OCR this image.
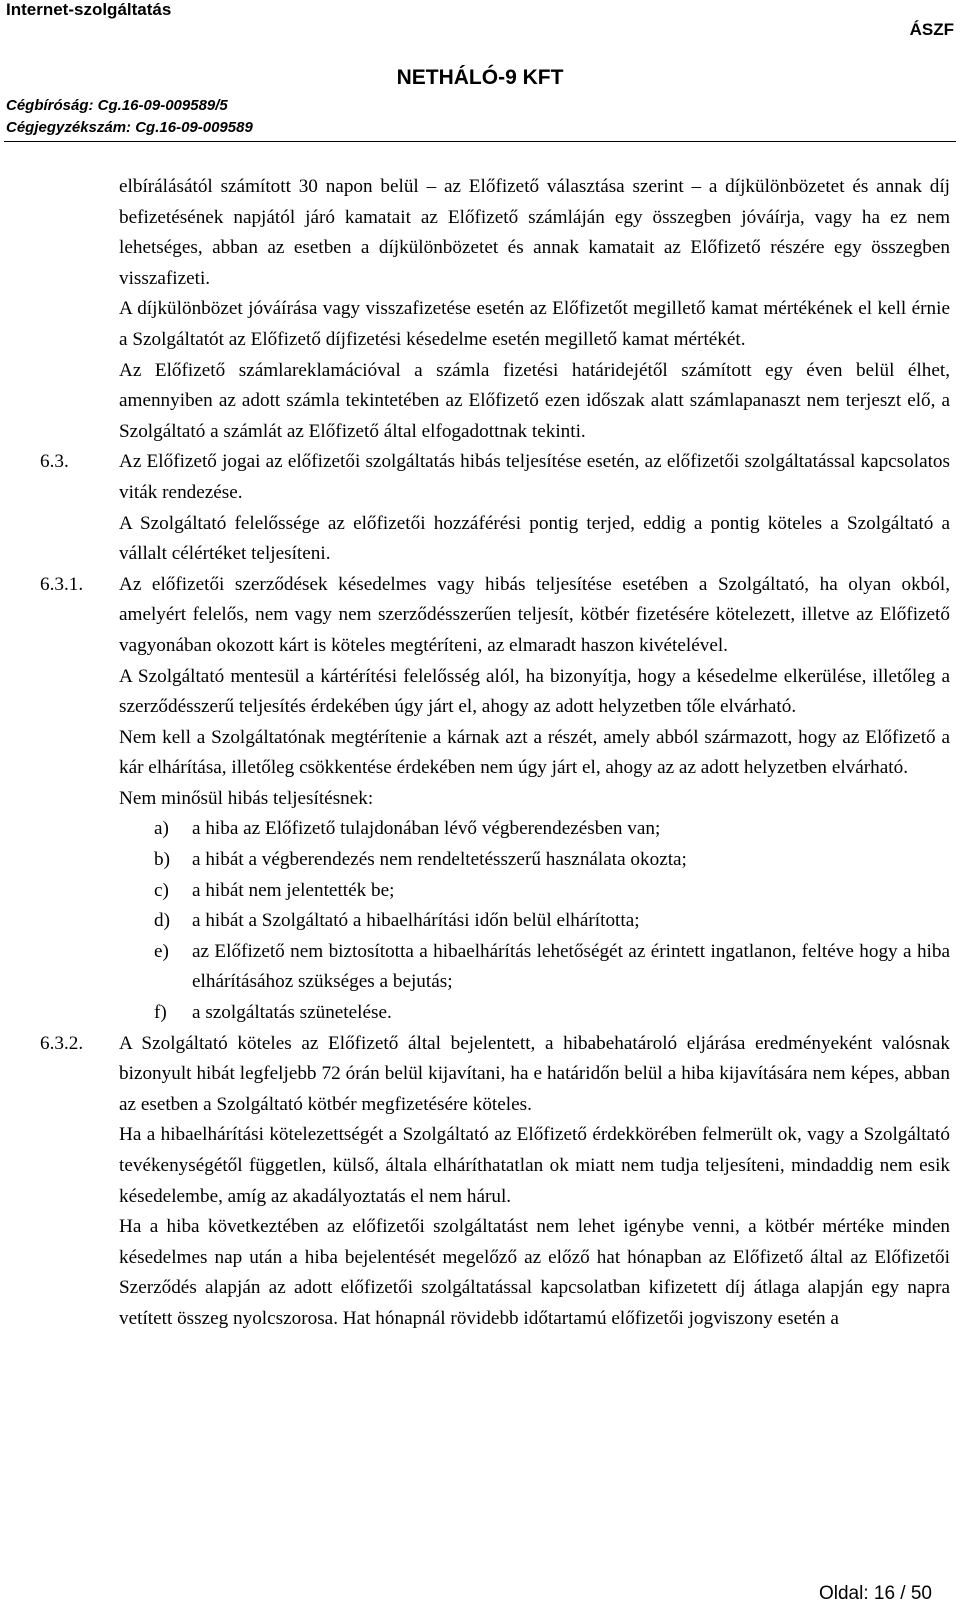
Internet-szolgáltatás
ÁSZF
NETHÁLÓ-9 KFT
Cégbíróság: Cg.16-09-009589/5
Cégjegyzékszám: Cg.16-09-009589

elbírálásától számított 30 napon belül – az Előfizető választása szerint – a díjkülönbözetet és annak díj befizetésének napjától járó kamatait az Előfizető számláján egy összegben jóváírja, vagy ha ez nem lehetséges, abban az esetben a díjkülönbözetet és annak kamatait az Előfizető részére egy összegben visszafizeti.

A díjkülönbözet jóváírása vagy visszafizetése esetén az Előfizetőt megillető kamat mértékének el kell érnie a Szolgáltatót az Előfizető díjfizetési késedelme esetén megillető kamat mértékét.

Az Előfizető számlareklamációval a számla fizetési határidejétől számított egy éven belül élhet, amennyiben az adott számla tekintetében az Előfizető ezen időszak alatt számlapanaszt nem terjeszt elő, a Szolgáltató a számlát az Előfizető által elfogadottnak tekinti.

6.3.	Az Előfizető jogai az előfizetői szolgáltatás hibás teljesítése esetén, az előfizetői szolgáltatással kapcsolatos viták rendezése.

A Szolgáltató felelőssége az előfizetői hozzáférési pontig terjed, eddig a pontig köteles a Szolgáltató a vállalt célértéket teljesíteni.

6.3.1.	Az előfizetői szerződések késedelmes vagy hibás teljesítése esetében a Szolgáltató, ha olyan okból, amelyért felelős, nem vagy nem szerződésszerűen teljesít, kötbér fizetésére kötelezett, illetve az Előfizető vagyonában okozott kárt is köteles megtéríteni, az elmaradt haszon kivételével.

A Szolgáltató mentesül a kártérítési felelősség alól, ha bizonyítja, hogy a késedelme elkerülése, illetőleg a szerződésszerű teljesítés érdekében úgy járt el, ahogy az adott helyzetben tőle elvárható.

Nem kell a Szolgáltatónak megtérítenie a kárnak azt a részét, amely abból származott, hogy az Előfizető a kár elhárítása, illetőleg csökkentése érdekében nem úgy járt el, ahogy az az adott helyzetben elvárható.

Nem minősül hibás teljesítésnek:

a) a hiba az Előfizető tulajdonában lévő végberendezésben van;
b) a hibát a végberendezés nem rendeltetésszerű használata okozta;
c) a hibát nem jelentették be;
d) a hibát a Szolgáltató a hibaelhárítási időn belül elhárította;
e) az Előfizető nem biztosította a hibaelhárítás lehetőségét az érintett ingatlanon, feltéve hogy a hiba elhárításához szükséges a bejutás;
f) a szolgáltatás szünetelése.
6.3.2.	A Szolgáltató köteles az Előfizető által bejelentett, a hibabehatároló eljárása eredményeként valósnak bizonyult hibát legfeljebb 72 órán belül kijavítani, ha e határidőn belül a hiba kijavítására nem képes, abban az esetben a Szolgáltató kötbér megfizetésére köteles.

Ha a hibaelhárítási kötelezettségét a Szolgáltató az Előfizető érdekkörében felmerült ok, vagy a Szolgáltató tevékenységétől független, külső, általa elháríthatatlan ok miatt nem tudja teljesíteni, mindaddig nem esik késedelembe, amíg az akadályoztatás el nem hárul.

Ha a hiba következtében az előfizetői szolgáltatást nem lehet igénybe venni, a kötbér mértéke minden késedelmes nap után a hiba bejelentését megelőző az előző hat hónapban az Előfizető által az Előfizetői Szerződés alapján az adott előfizetői szolgáltatással kapcsolatban kifizetett díj átlaga alapján egy napra vetített összeg nyolcszorosa. Hat hónapnál rövidebb időtartamú előfizetői jogviszony esetén a

Oldal: 16 / 50
